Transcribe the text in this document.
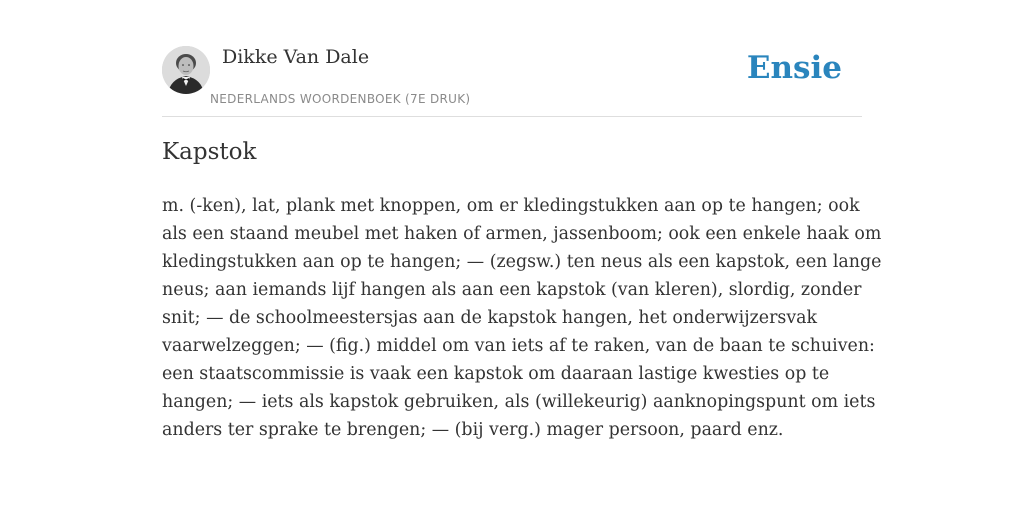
Dikke Van Dale
NEDERLANDS WOORDENBOEK (7E DRUK)
Ensie
Kapstok

m. (-ken), lat, plank met knoppen, om er kledingstukken aan op te hangen; ook
als een staand meubel met haken of armen, jassenboom; ook een enkele haak om
kledingstukken aan op te hangen; — (zegsw.) ten neus als een kapstok, een lange
neus; aan iemands lijf hangen als aan een kapstok (van kleren), slordig, zonder
snit; — de schoolmeestersjas aan de kapstok hangen, het onderwijzersvak
vaarwelzeggen; — (fig.) middel om van iets af te raken, van de baan te schuiven:
een staatscommissie is vaak een kapstok om daaraan lastige kwesties op te
hangen; — iets als kapstok gebruiken, als (willekeurig) aanknopingspunt om iets
anders ter sprake te brengen; — (bij verg.) mager persoon, paard enz.
